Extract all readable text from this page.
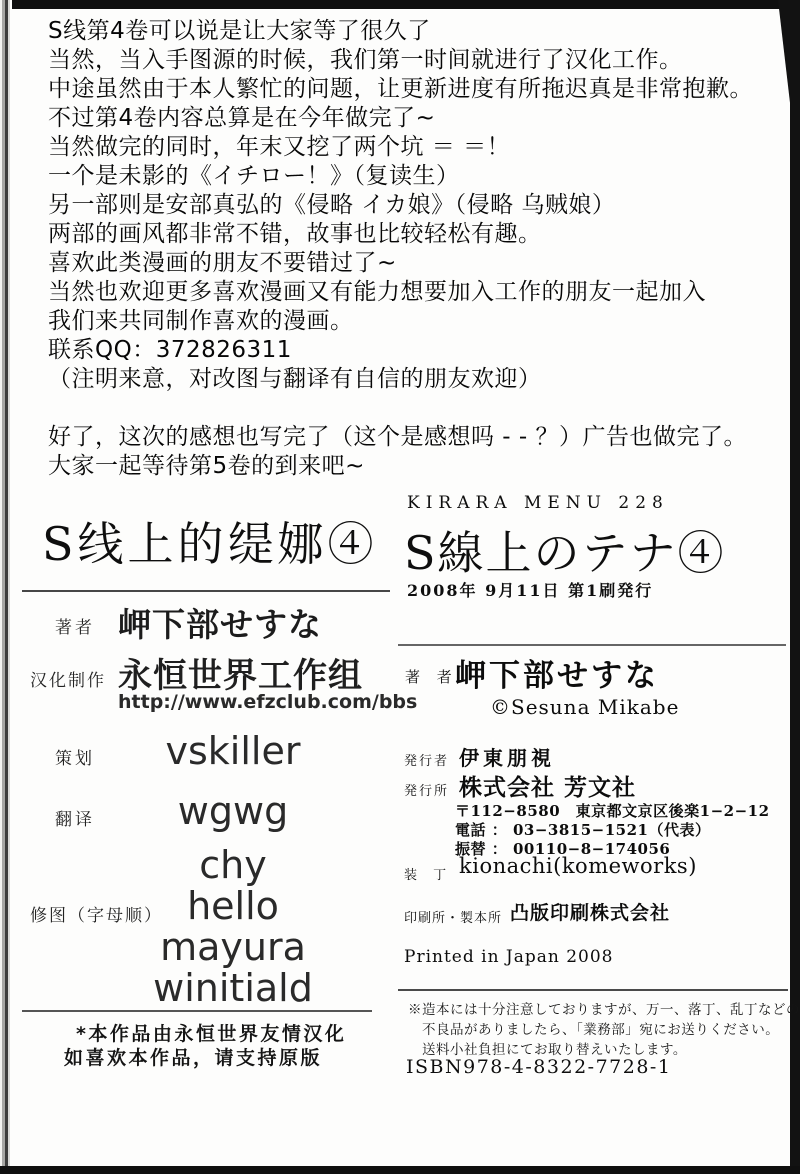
S线第4卷可以说是让大家等了很久了
当然，当入手图源的时候，我们第一时间就进行了汉化工作。
中途虽然由于本人繁忙的问题，让更新进度有所拖迟真是非常抱歉。
不过第4卷内容总算是在今年做完了~
当然做完的同时，年末又挖了两个坑 ＝ ＝！
一个是未影的《イチロー！》（复读生）
另一部则是安部真弘的《侵略 イカ娘》（侵略 乌贼娘）
两部的画风都非常不错，故事也比较轻松有趣。
喜欢此类漫画的朋友不要错过了~
当然也欢迎更多喜欢漫画又有能力想要加入工作的朋友一起加入
我们来共同制作喜欢的漫画。
联系QQ：372826311
（注明来意，对改图与翻译有自信的朋友欢迎）
好了，这次的感想也写完了（这个是感想吗 - - ？）广告也做完了。
大家一起等待第5卷的到来吧~
S线上的缇娜④
KIRARA MENU 228
S線上のテナ④
2008年 9月11日 第1刷発行
著者 岬下部せすな
汉化制作 永恒世界工作组
http://www.efzclub.com/bbs
策划	vskiller
翻译	wgwg
修图（字母顺）
chy
hello
mayura
winitiald
*本作品由永恒世界友情汉化
如喜欢本作品，请支持原版
著 者
岬下部せすな
©Sesuna Mikabe
発行者 伊東朋視
発行所 株式会社 芳文社
〒112−8580　東京都文京区後楽1−2−12
電話 ： 03−3815−1521（代表）
振替 ： 00110−8−174056
装 丁 kionachi(komeworks)
印刷所・製本所 凸版印刷株式会社
Printed in Japan 2008
※造本には十分注意しておりますが、万一、落丁、乱丁などの
不良品がありましたら、「業務部」宛にお送りください。
送料小社負担にてお取り替えいたします。
ISBN978-4-8322-7728-1
